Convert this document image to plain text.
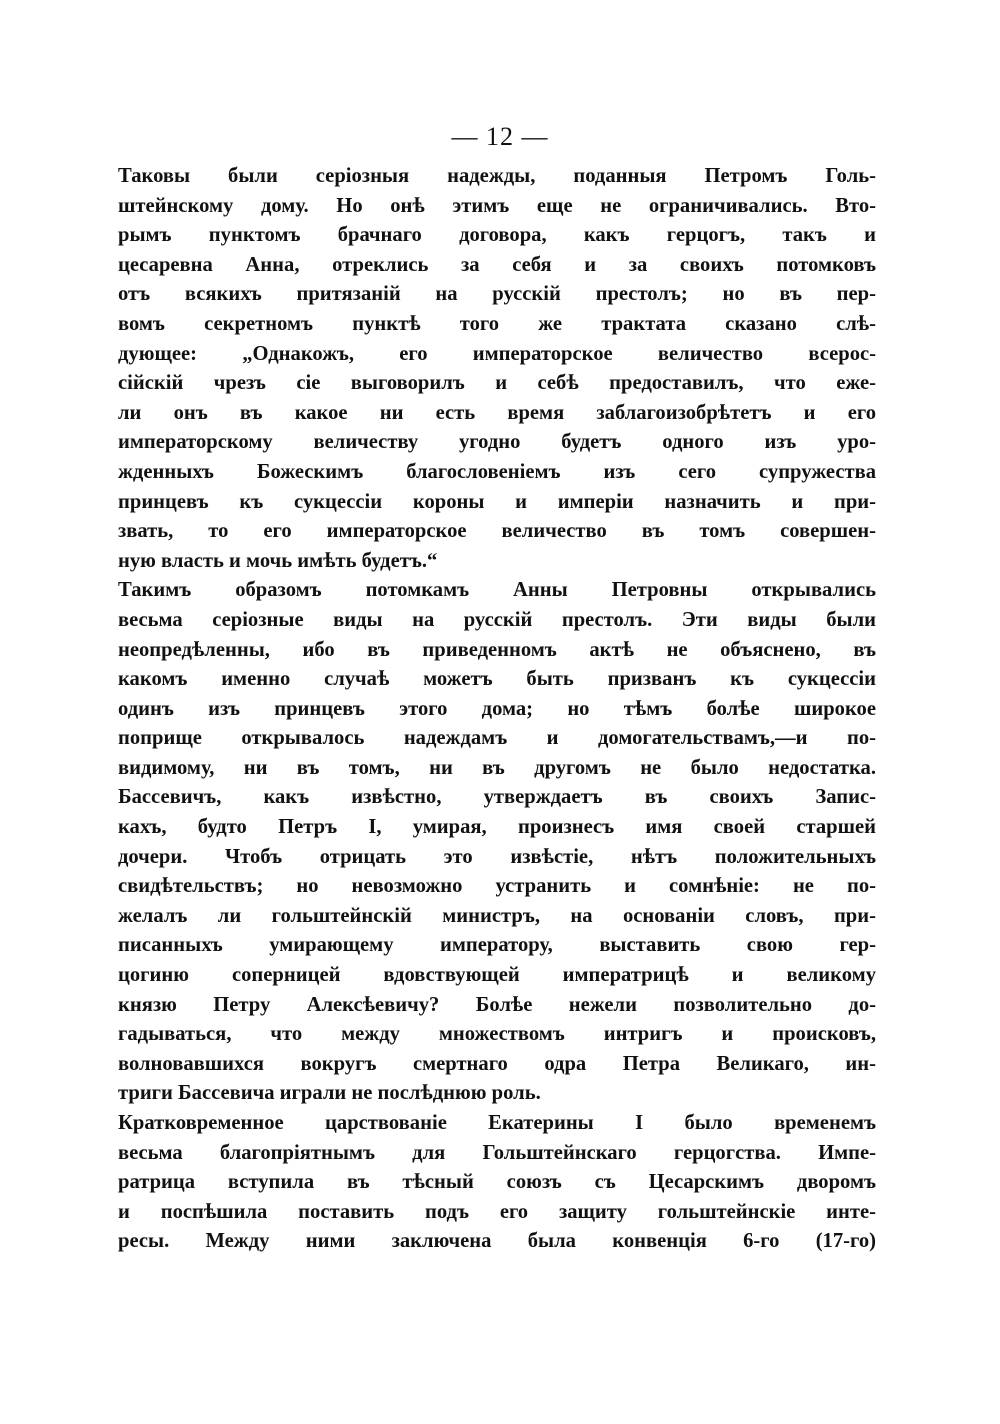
— 12 —
Таковы были серіозныя надежды, поданныя Петромъ Голь-
штейнскому дому. Но онѣ этимъ еще не ограничивались. Вто-
рымъ пунктомъ брачнаго договора, какъ герцогъ, такъ и
цесаревна Анна, отреклись за себя и за своихъ потомковъ
отъ всякихъ притязаній на русскій престолъ; но въ пер-
вомъ секретномъ пунктѣ того же трактата сказано слѣ-
дующее: „Однакожъ, его императорское величество всерос-
сійскій чрезъ сіе выговорилъ и себѣ предоставилъ, что еже-
ли онъ въ какое ни есть время заблагоизобрѣтетъ и его
императорскому величеству угодно будетъ одного изъ уро-
жденныхъ Божескимъ благословеніемъ изъ сего супружества
принцевъ къ сукцессіи короны и имперіи назначить и при-
звать, то его императорское величество въ томъ совершен-
ную власть и мочь имѣть будетъ.“
Такимъ образомъ потомкамъ Анны Петровны открывались
весьма серіозные виды на русскій престолъ. Эти виды были
неопредѣленны, ибо въ приведенномъ актѣ не объяснено, въ
какомъ именно случаѣ можетъ быть призванъ къ сукцессіи
одинъ изъ принцевъ этого дома; но тѣмъ болѣе широкое
поприще открывалось надеждамъ и домогательствамъ,—и по-
видимому, ни въ томъ, ни въ другомъ не было недостатка.
Бассевичъ, какъ извѣстно, утверждаетъ въ своихъ Запис-
кахъ, будто Петръ I, умирая, произнесъ имя своей старшей
дочери. Чтобъ отрицать это извѣстіе, нѣтъ положительныхъ
свидѣтельствъ; но невозможно устранить и сомнѣніе: не по-
желалъ ли гольштейнскій министръ, на основаніи словъ, при-
писанныхъ умирающему императору, выставить свою гер-
цогиню соперницей вдовствующей императрицѣ и великому
князю Петру Алексѣевичу? Болѣе нежели позволительно до-
гадываться, что между множествомъ интригъ и происковъ,
волновавшихся вокругъ смертнаго одра Петра Великаго, ин-
триги Бассевича играли не послѣднюю роль.
Кратковременное царствованіе Екатерины I было временемъ
весьма благопріятнымъ для Гольштейнскаго герцогства. Импе-
ратрица вступила въ тѣсный союзъ съ Цесарскимъ дворомъ
и поспѣшила поставить подъ его защиту гольштейнскіе инте-
ресы. Между ними заключена была конвенція 6-го (17-го)
